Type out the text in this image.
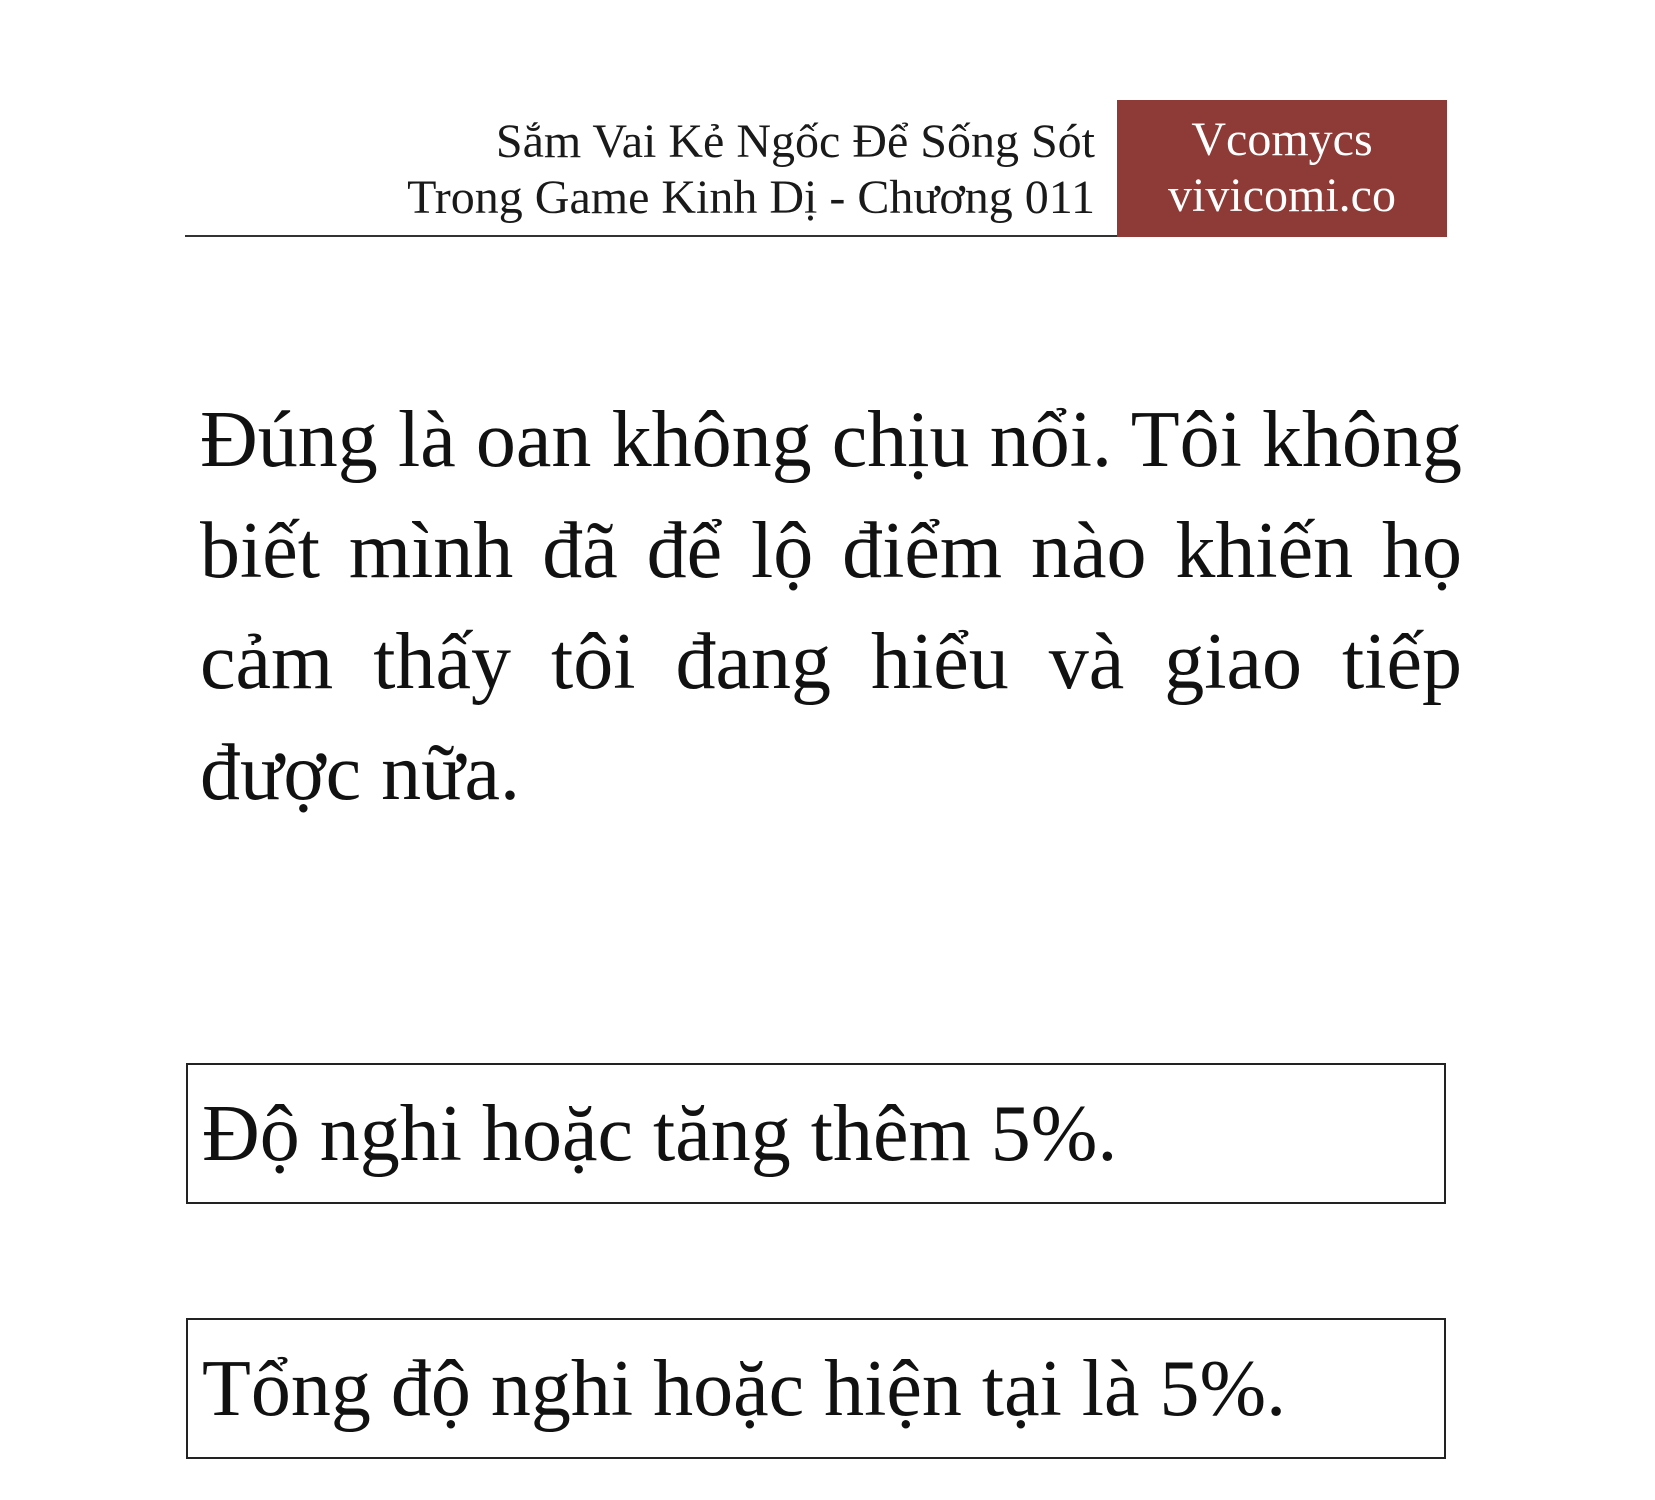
Sắm Vai Kẻ Ngốc Để Sống Sót
Trong Game Kinh Dị - Chương 011
Vcomycs
vivicomi.co

Đúng là oan không chịu nổi. Tôi không biết mình đã để lộ điểm nào khiến họ cảm thấy tôi đang hiểu và giao tiếp được nữa.

Độ nghi hoặc tăng thêm 5%.
Tổng độ nghi hoặc hiện tại là 5%.
